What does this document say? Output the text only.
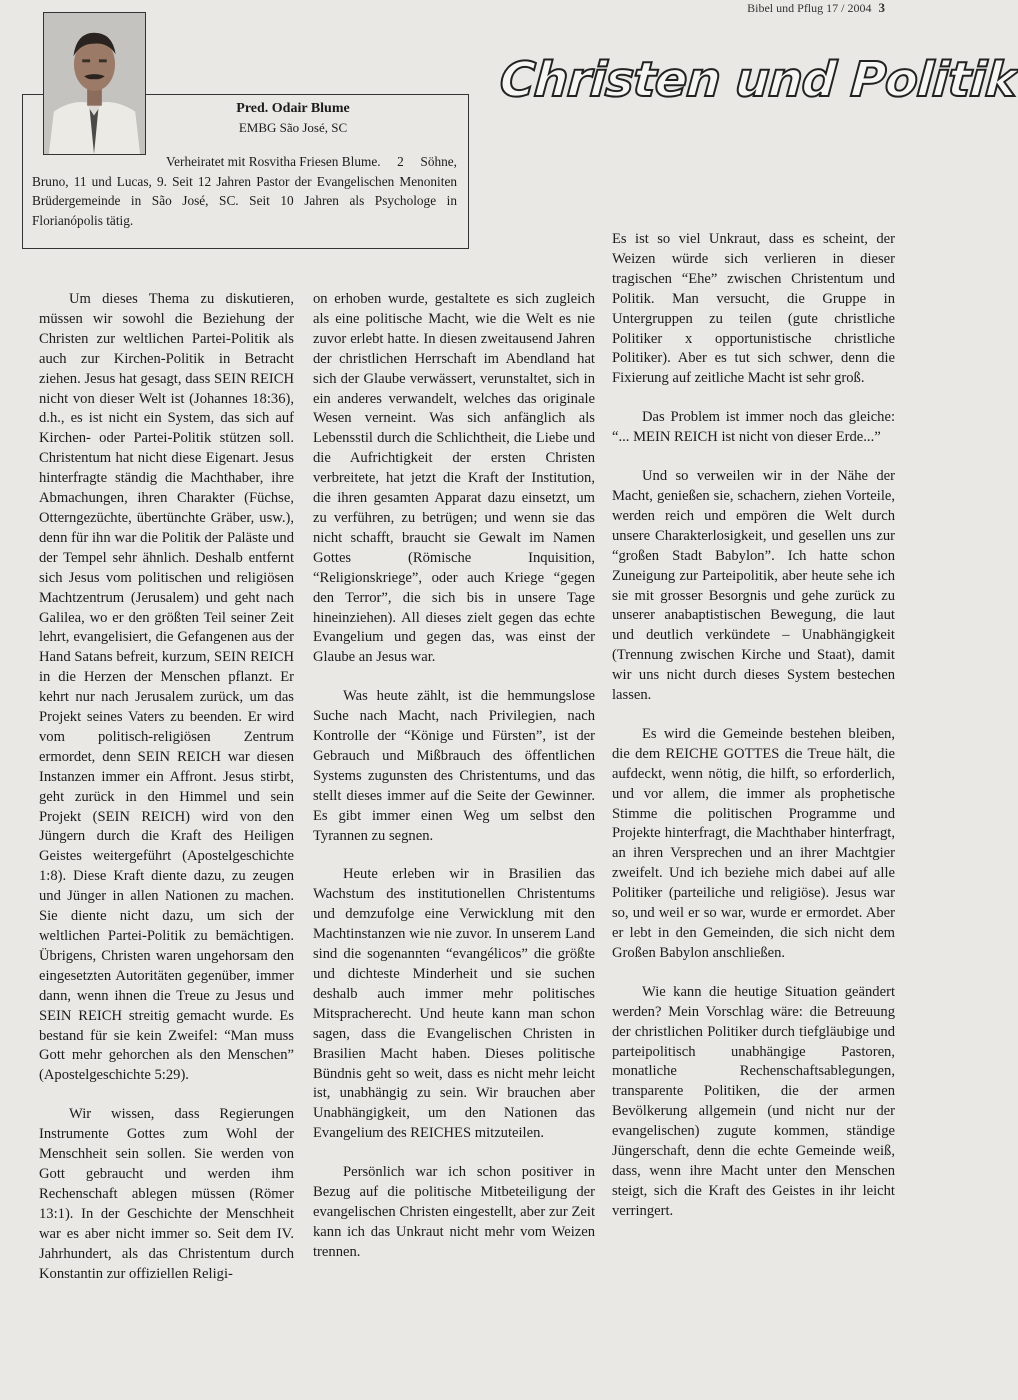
Bibel und Pflug 17 / 2004 3
Christen und Politik
Pred. Odair Blume
EMBG São José, SC
Verheiratet mit Rosvitha Friesen Blume. 2 Söhne, Bruno, 11 und Lucas, 9. Seit 12 Jahren Pastor der Evangelischen Menoniten Brüdergemeinde in São José, SC. Seit 10 Jahren als Psychologe in Florianópolis tätig.

Um dieses Thema zu diskutieren, müssen wir sowohl die Beziehung der Christen zur weltlichen Partei-Politik als auch zur Kirchen-Politik in Betracht ziehen. Jesus hat gesagt, dass SEIN REICH nicht von dieser Welt ist (Johannes 18:36), d.h., es ist nicht ein System, das sich auf Kirchen- oder Partei-Politik stützen soll. Christentum hat nicht diese Eigenart. Jesus hinterfragte ständig die Machthaber, ihre Abmachungen, ihren Charakter (Füchse, Otterngezüchte, übertünchte Gräber, usw.), denn für ihn war die Politik der Paläste und der Tempel sehr ähnlich. Deshalb entfernt sich Jesus vom politischen und religiösen Machtzentrum (Jerusalem) und geht nach Galilea, wo er den größten Teil seiner Zeit lehrt, evangelisiert, die Gefangenen aus der Hand Satans befreit, kurzum, SEIN REICH in die Herzen der Menschen pflanzt. Er kehrt nur nach Jerusalem zurück, um das Projekt seines Vaters zu beenden. Er wird vom politisch-religiösen Zentrum ermordet, denn SEIN REICH war diesen Instanzen immer ein Affront. Jesus stirbt, geht zurück in den Himmel und sein Projekt (SEIN REICH) wird von den Jüngern durch die Kraft des Heiligen Geistes weitergeführt (Apostelgeschichte 1:8). Diese Kraft diente dazu, zu zeugen und Jünger in allen Nationen zu machen. Sie diente nicht dazu, um sich der weltlichen Partei-Politik zu bemächtigen. Übrigens, Christen waren ungehorsam den eingesetzten Autoritäten gegenüber, immer dann, wenn ihnen die Treue zu Jesus und SEIN REICH streitig gemacht wurde. Es bestand für sie kein Zweifel: “Man muss Gott mehr gehorchen als den Menschen” (Apostelgeschichte 5:29).

Wir wissen, dass Regierungen Instrumente Gottes zum Wohl der Menschheit sein sollen. Sie werden von Gott gebraucht und werden ihm Rechenschaft ablegen müssen (Römer 13:1). In der Geschichte der Menschheit war es aber nicht immer so. Seit dem IV. Jahrhundert, als das Christentum durch Konstantin zur offiziellen Religi-

on erhoben wurde, gestaltete es sich zugleich als eine politische Macht, wie die Welt es nie zuvor erlebt hatte. In diesen zweitausend Jahren der christlichen Herrschaft im Abendland hat sich der Glaube verwässert, verunstaltet, sich in ein anderes verwandelt, welches das originale Wesen verneint. Was sich anfänglich als Lebensstil durch die Schlichtheit, die Liebe und die Aufrichtigkeit der ersten Christen verbreitete, hat jetzt die Kraft der Institution, die ihren gesamten Apparat dazu einsetzt, um zu verführen, zu betrügen; und wenn sie das nicht schafft, braucht sie Gewalt im Namen Gottes (Römische Inquisition, “Religionskriege”, oder auch Kriege “gegen den Terror”, die sich bis in unsere Tage hineinziehen). All dieses zielt gegen das echte Evangelium und gegen das, was einst der Glaube an Jesus war.

Was heute zählt, ist die hemmungslose Suche nach Macht, nach Privilegien, nach Kontrolle der “Könige und Fürsten”, ist der Gebrauch und Mißbrauch des öffentlichen Systems zugunsten des Christentums, und das stellt dieses immer auf die Seite der Gewinner. Es gibt immer einen Weg um selbst den Tyrannen zu segnen.

Heute erleben wir in Brasilien das Wachstum des institutionellen Christentums und demzufolge eine Verwicklung mit den Machtinstanzen wie nie zuvor. In unserem Land sind die sogenannten “evangélicos” die größte und dichteste Minderheit und sie suchen deshalb auch immer mehr politisches Mitspracherecht. Und heute kann man schon sagen, dass die Evangelischen Christen in Brasilien Macht haben. Dieses politische Bündnis geht so weit, dass es nicht mehr leicht ist, unabhängig zu sein. Wir brauchen aber Unabhängigkeit, um den Nationen das Evangelium des REICHES mitzuteilen.

Persönlich war ich schon positiver in Bezug auf die politische Mitbeteiligung der evangelischen Christen eingestellt, aber zur Zeit kann ich das Unkraut nicht mehr vom Weizen trennen.

Es ist so viel Unkraut, dass es scheint, der Weizen würde sich verlieren in dieser tragischen “Ehe” zwischen Christentum und Politik. Man versucht, die Gruppe in Untergruppen zu teilen (gute christliche Politiker x opportunistische christliche Politiker). Aber es tut sich schwer, denn die Fixierung auf zeitliche Macht ist sehr groß.

Das Problem ist immer noch das gleiche: “... MEIN REICH ist nicht von dieser Erde...”

Und so verweilen wir in der Nähe der Macht, genießen sie, schachern, ziehen Vorteile, werden reich und empören die Welt durch unsere Charakterlosigkeit, und gesellen uns zur “großen Stadt Babylon”. Ich hatte schon Zuneigung zur Parteipolitik, aber heute sehe ich sie mit grosser Besorgnis und gehe zurück zu unserer anabaptistischen Bewegung, die laut und deutlich verkündete – Unabhängigkeit (Trennung zwischen Kirche und Staat), damit wir uns nicht durch dieses System bestechen lassen.

Es wird die Gemeinde bestehen bleiben, die dem REICHE GOTTES die Treue hält, die aufdeckt, wenn nötig, die hilft, so erforderlich, und vor allem, die immer als prophetische Stimme die politischen Programme und Projekte hinterfragt, die Machthaber hinterfragt, an ihren Versprechen und an ihrer Machtgier zweifelt. Und ich beziehe mich dabei auf alle Politiker (parteiliche und religiöse). Jesus war so, und weil er so war, wurde er ermordet. Aber er lebt in den Gemeinden, die sich nicht dem Großen Babylon anschließen.

Wie kann die heutige Situation geändert werden? Mein Vorschlag wäre: die Betreuung der christlichen Politiker durch tiefgläubige und parteipolitisch unabhängige Pastoren, monatliche Rechenschaftsablegungen, transparente Politiken, die der armen Bevölkerung allgemein (und nicht nur der evangelischen) zugute kommen, ständige Jüngerschaft, denn die echte Gemeinde weiß, dass, wenn ihre Macht unter den Menschen steigt, sich die Kraft des Geistes in ihr leicht verringert.
